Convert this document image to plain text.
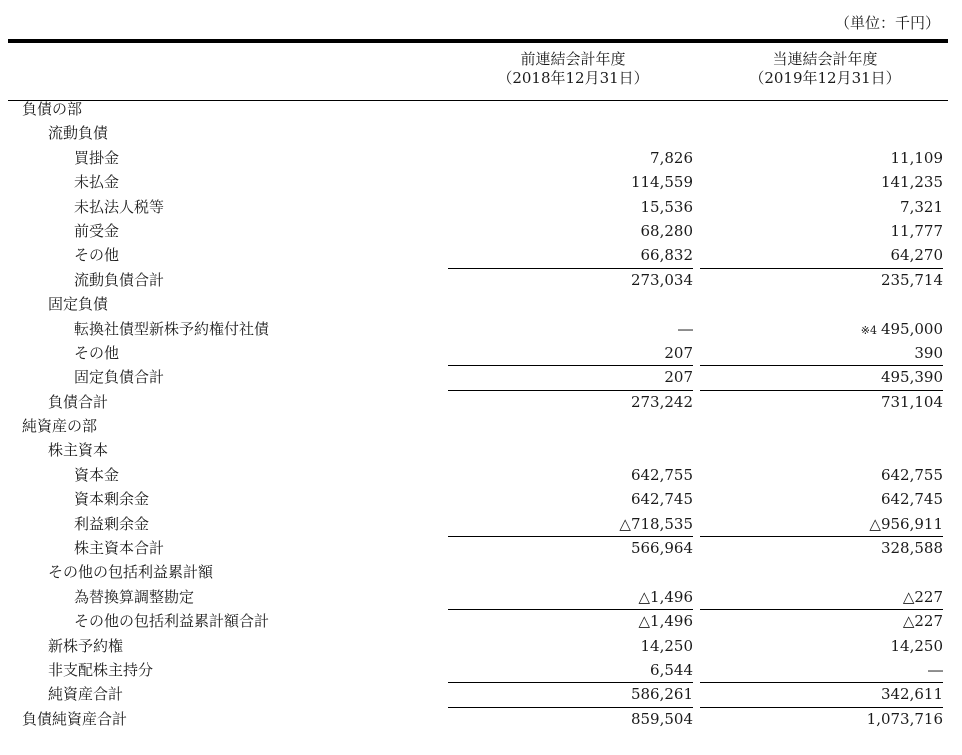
（単位：千円）
前連結会計年度
（2018年12月31日）
当連結会計年度
（2019年12月31日）
負債の部
流動負債
買掛金	7,826	11,109
未払金	114,559	141,235
未払法人税等	15,536	7,321
前受金	68,280	11,777
その他	66,832	64,270
流動負債合計	273,034	235,714
固定負債
転換社債型新株予約権付社債	―	※4 495,000
その他	207	390
固定負債合計	207	495,390
負債合計	273,242	731,104
純資産の部
株主資本
資本金	642,755	642,755
資本剰余金	642,745	642,745
利益剰余金	△718,535	△956,911
株主資本合計	566,964	328,588
その他の包括利益累計額
為替換算調整勘定	△1,496	△227
その他の包括利益累計額合計	△1,496	△227
新株予約権	14,250	14,250
非支配株主持分	6,544	―
純資産合計	586,261	342,611
負債純資産合計	859,504	1,073,716
